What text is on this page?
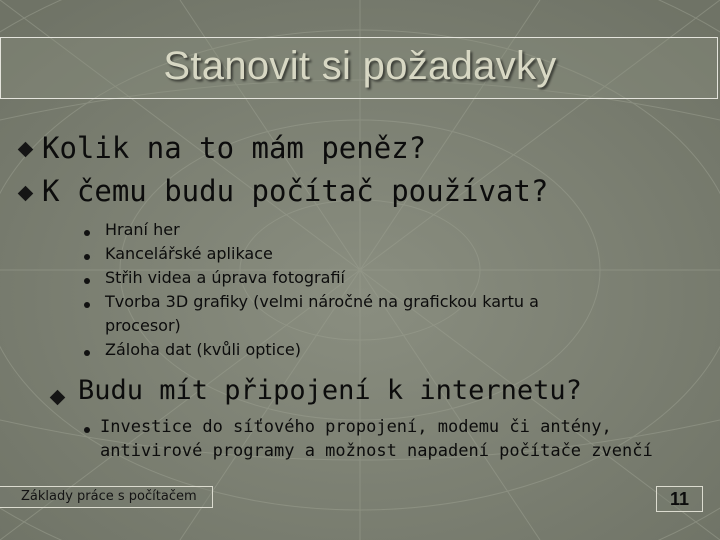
Stanovit si požadavky
Kolik na to mám peněz?
K čemu budu počítač používat?
Hraní her
Kancelářské aplikace
Střih videa a úprava fotografií
Tvorba 3D grafiky (velmi náročné na grafickou kartu a
procesor)
Záloha dat (kvůli optice)
Budu mít připojení k internetu?
Investice do síťového propojení, modemu či antény,
antivirové programy a možnost napadení počítače zvenčí
Základy práce s počítačem	11
